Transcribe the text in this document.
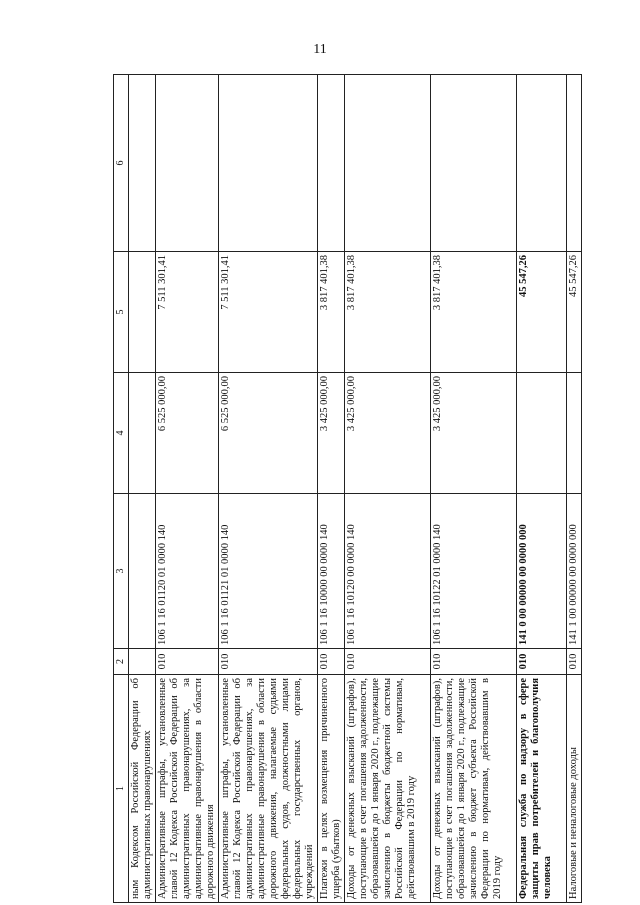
11
1	2	3	4	5	6
ным Кодексом Российской Федерации об административных правонарушениях					
Административные штрафы, установленные главой 12 Кодекса Российской Федерации об административных правонарушениях, за административные правонарушения в области дорожного движения	010	106 1 16 01120 01 0000 140	6 525 000,00	7 511 301,41	
Административные штрафы, установленные главой 12 Кодекса Российской Федерации об административных правонарушениях, за административные правонарушения в области дорожного движения, налагаемые судьями федеральных судов, должностными лицами федеральных государственных органов, учреждений	010	106 1 16 01121 01 0000 140	6 525 000,00	7 511 301,41	
Платежи в целях возмещения причиненного ущерба (убытков)	010	106 1 16 10000 00 0000 140	3 425 000,00	3 817 401,38	
Доходы от денежных взысканий (штрафов), поступающие в счет погашения задолженности, образовавшейся до 1 января 2020 г., подлежащие зачислению в бюджеты бюджетной системы Российской Федерации по нормативам, действовавшим в 2019 году	010	106 1 16 10120 00 0000 140	3 425 000,00	3 817 401,38	
Доходы от денежных взысканий (штрафов), поступающие в счет погашения задолженности, образовавшейся до 1 января 2020 г., подлежащие зачислению в бюджет субъекта Российской Федерации по нормативам, действовавшим в 2019 году	010	106 1 16 10122 01 0000 140	3 425 000,00	3 817 401,38	
Федеральная служба по надзору в сфере защиты прав потребителей и благополучия человека	010	141 0 00 00000 00 0000 000		45 547,26	
Налоговые и неналоговые доходы	010	141 1 00 00000 00 0000 000		45 547,26	
